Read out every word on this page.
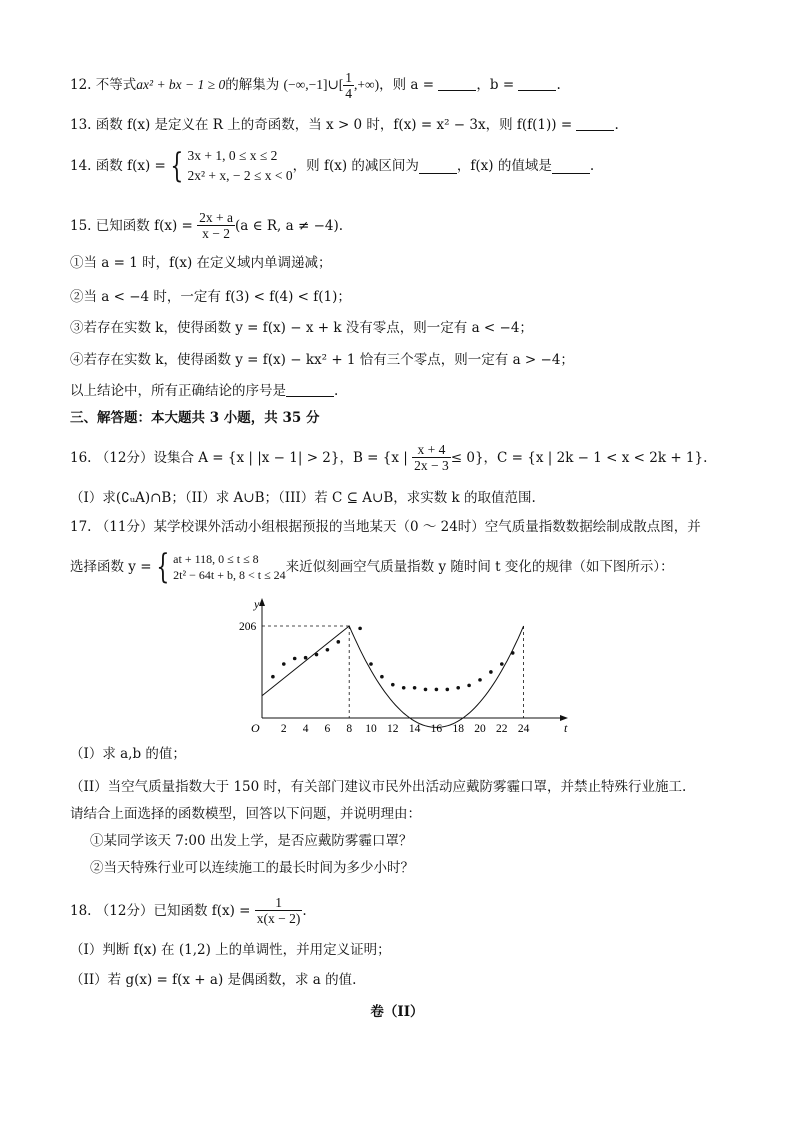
12. 不等式ax² + bx − 1 ≥ 0的解集为 (−∞,−1]∪[ $\frac{1}{4}$ ,+∞)，则 a =	，b =	.
13. 函数 f(x) 是定义在 R 上的奇函数，当 x > 0 时，f(x) = x² − 3x，则 f(f(1)) =	.
14.
函数 f(x) = { 3x + 1, 0 ≤ x ≤ 2
2x² + x, − 2 ≤ x < 0
，则 f(x) 的减区间为	，f(x) 的值域是	.
15.
已知函数 f(x) =
$\frac{2x + a}{x - 2} (a$ ∈ R, a ≠ −4).
①当 a = 1 时，f(x) 在定义域内单调递减；
②当 a < −4 时，一定有 f(3) < f(4) < f(1)；
③若存在实数 k，使得函数 y = f(x) − x + k 没有零点，则一定有 a < −4；
④若存在实数 k，使得函数 y = f(x) − kx² + 1 恰有三个零点，则一定有 a > −4；
以上结论中，所有正确结论的序号是	.
三、解答题：本大题共 3 小题，共 35 分
16. （12分）设集合 A = {x | |x − 1| > 2}，B = {x |
$\frac{x + 4}{2x - 3} \le 0$}，C = {x | 2k − 1 < x < 2k + 1}.
（I）求(∁ᵤA)∩B；（II）求 A∪B；（III）若 C ⊆ A∪B，求实数 k 的取值范围.
17. （11分）某学校课外活动小组根据预报的当地某天（0 ～ 24时）空气质量指数数据绘制成散点图，并
选择函数 y = { at + 118, 0 ≤ t ≤ 8
2t² − 64t + b, 8 < t ≤ 24 来近似刻画空气质量指数 y 随时间 t 变化的规律（如下图所示）：
y
t
O 2 4 6 8 10 12 14 16 18 20 22 24
206
（I）求 a,b 的值；
（II）当空气质量指数大于 150 时，有关部门建议市民外出活动应戴防雾霾口罩，并禁止特殊行业施工.
请结合上面选择的函数模型，回答以下问题，并说明理由：
①某同学该天 7:00 出发上学，是否应戴防雾霾口罩？
②当天特殊行业可以连续施工的最长时间为多少小时？
18. （12分）已知函数 f(x) =
$\frac{1}{x(x - 2)}$ .
（I）判断 f(x) 在 (1,2) 上的单调性，并用定义证明；
（II）若 g(x) = f(x + a) 是偶函数，求 a 的值.
卷（II）
